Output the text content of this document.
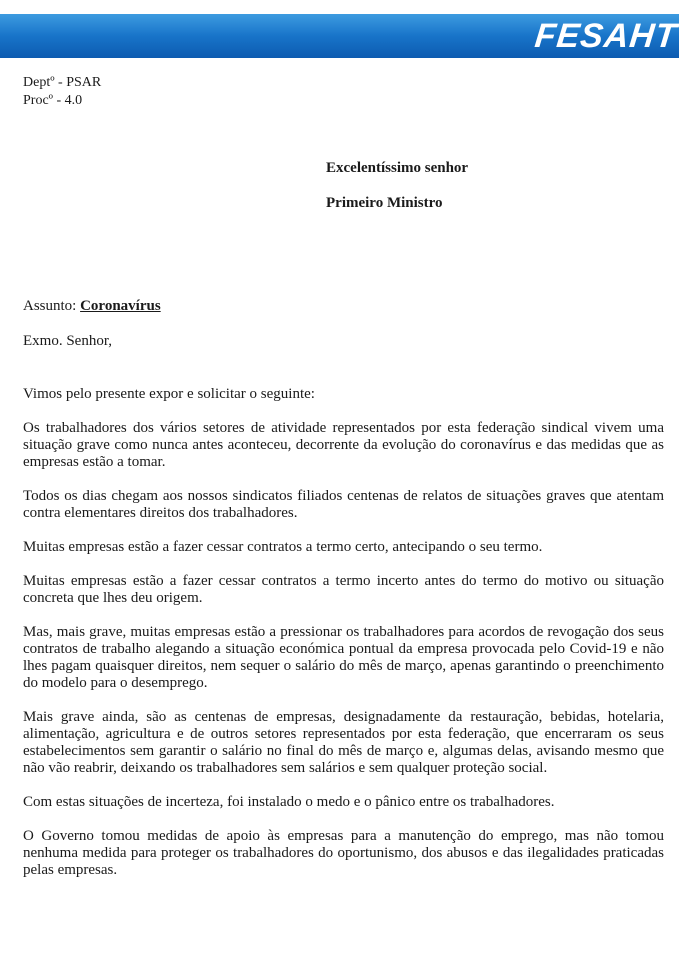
FESAHT
Deptº - PSAR
Procº - 4.0
Excelentíssimo senhor
Primeiro Ministro
Assunto: Coronavírus
Exmo. Senhor,

Vimos pelo presente expor e solicitar o seguinte:

Os trabalhadores dos vários setores de atividade representados por esta federação sindical vivem uma situação grave como nunca antes aconteceu, decorrente da evolução do coronavírus e das medidas que as empresas estão a tomar.

Todos os dias chegam aos nossos sindicatos filiados centenas de relatos de situações graves que atentam contra elementares direitos dos trabalhadores.

Muitas empresas estão a fazer cessar contratos a termo certo, antecipando o seu termo.

Muitas empresas estão a fazer cessar contratos a termo incerto antes do termo do motivo ou situação concreta que lhes deu origem.

Mas, mais grave, muitas empresas estão a pressionar os trabalhadores para acordos de revogação dos seus contratos de trabalho alegando a situação económica pontual da empresa provocada pelo Covid-19 e não lhes pagam quaisquer direitos, nem sequer o salário do mês de março, apenas garantindo o preenchimento do modelo para o desemprego.

Mais grave ainda, são as centenas de empresas, designadamente da restauração, bebidas, hotelaria, alimentação, agricultura e de outros setores representados por esta federação, que encerraram os seus estabelecimentos sem garantir o salário no final do mês de março e, algumas delas, avisando mesmo que não vão reabrir, deixando os trabalhadores sem salários e sem qualquer proteção social.

Com estas situações de incerteza, foi instalado o medo e o pânico entre os trabalhadores.

O Governo tomou medidas de apoio às empresas para a manutenção do emprego, mas não tomou nenhuma medida para proteger os trabalhadores do oportunismo, dos abusos e das ilegalidades praticadas pelas empresas.
